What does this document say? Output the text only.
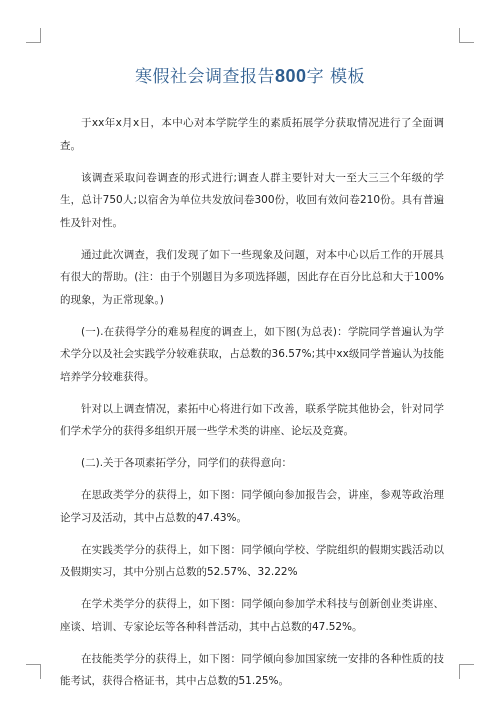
寒假社会调查报告800字 模板

于xx年x月x日，本中心对本学院学生的素质拓展学分获取情况进行了全面调查。

该调查采取问卷调查的形式进行;调查人群主要针对大一至大三三个年级的学生，总计750人;以宿舍为单位共发放问卷300份，收回有效问卷210份。具有普遍性及针对性。

通过此次调查，我们发现了如下一些现象及问题，对本中心以后工作的开展具有很大的帮助。(注：由于个别题目为多项选择题，因此存在百分比总和大于100%的现象，为正常现象。)

(一).在获得学分的难易程度的调查上，如下图(为总表)：学院同学普遍认为学术学分以及社会实践学分较难获取，占总数的36.57%;其中xx级同学普遍认为技能培养学分较难获得。

针对以上调查情况，素拓中心将进行如下改善，联系学院其他协会，针对同学们学术学分的获得多组织开展一些学术类的讲座、论坛及竞赛。

(二).关于各项素拓学分，同学们的获得意向：

在思政类学分的获得上，如下图：同学倾向参加报告会，讲座，参观等政治理论学习及活动，其中占总数的47.43%。

在实践类学分的获得上，如下图：同学倾向学校、学院组织的假期实践活动以及假期实习，其中分别占总数的52.57%、32.22%

在学术类学分的获得上，如下图：同学倾向参加学术科技与创新创业类讲座、座谈、培训、专家论坛等各种科普活动，其中占总数的47.52%。

在技能类学分的获得上，如下图：同学倾向参加国家统一安排的各种性质的技能考试，获得合格证书，其中占总数的51.25%。
